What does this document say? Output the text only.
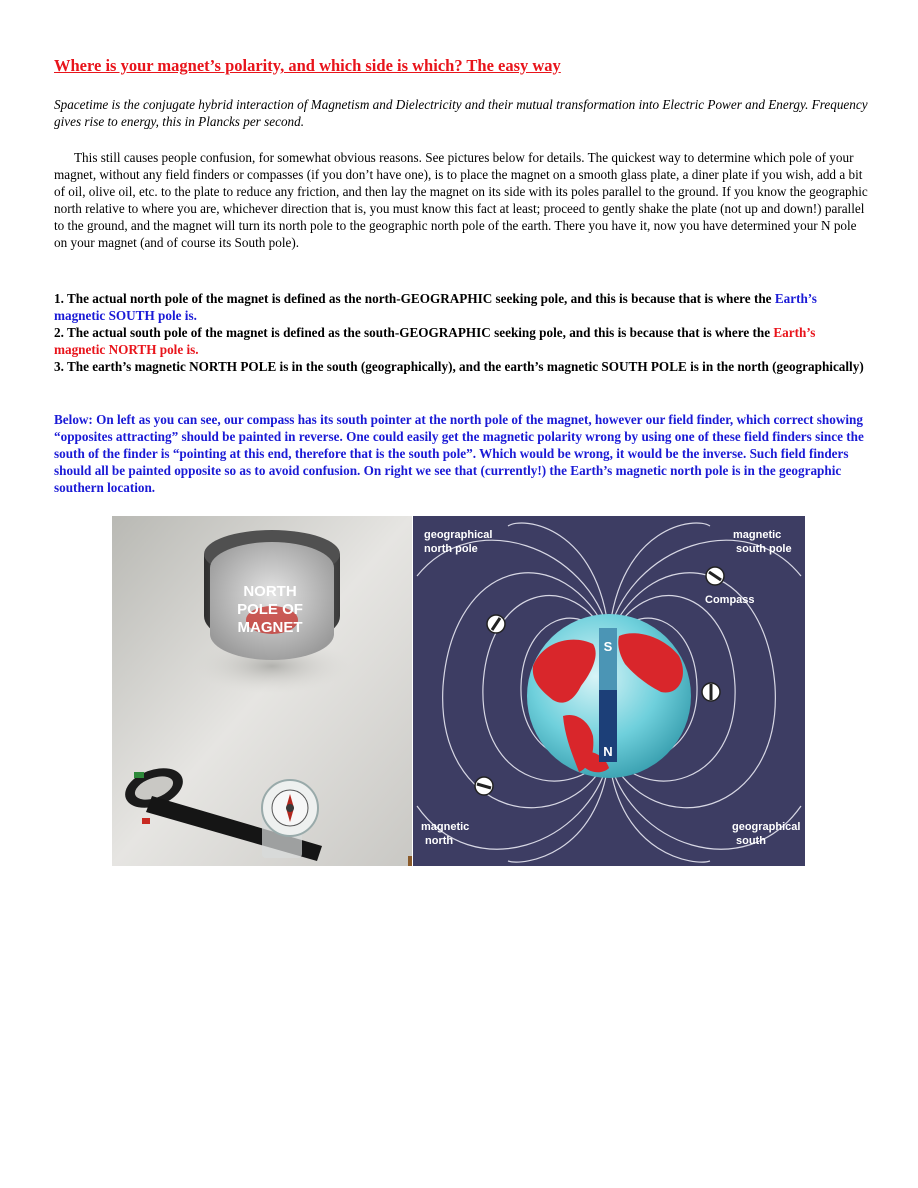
Where is your magnet’s polarity, and which side is which? The easy way

Spacetime is the conjugate hybrid interaction of Magnetism and Dielectricity and their mutual transformation into Electric Power and Energy. Frequency gives rise to energy, this in Plancks per second.

This still causes people confusion, for somewhat obvious reasons. See pictures below for details. The quickest way to determine which pole of your magnet, without any field finders or compasses (if you don’t have one), is to place the magnet on a smooth glass plate, a diner plate if you wish, add a bit of oil, olive oil, etc. to the plate to reduce any friction, and then lay the magnet on its side with its poles parallel to the ground. If you know the geographic north relative to where you are, whichever direction that is, you must know this fact at least; proceed to gently shake the plate (not up and down!) parallel to the ground, and the magnet will turn its north pole to the geographic north pole of the earth. There you have it, now you have determined your N pole on your magnet (and of course its South pole).

1. The actual north pole of the magnet is defined as the north-GEOGRAPHIC seeking pole, and this is because that is where the Earth’s magnetic SOUTH pole is.
2. The actual south pole of the magnet is defined as the south-GEOGRAPHIC seeking pole, and this is because that is where the Earth’s magnetic NORTH pole is.
3. The earth’s magnetic NORTH POLE is in the south (geographically), and the earth’s magnetic SOUTH POLE is in the north (geographically)

Below: On left as you can see, our compass has its south pointer at the north pole of the magnet, however our field finder, which correct showing “opposites attracting” should be painted in reverse. One could easily get the magnetic polarity wrong by using one of these field finders since the south of the finder is “pointing at this end, therefore that is the south pole”. Which would be wrong, it would be the inverse. Such field finders should all be painted opposite so as to avoid confusion. On right we see that (currently!) the Earth’s magnetic north pole is in the geographic southern location.

NORTH
POLE OF
MAGNET
S
N
geographical
north pole
magnetic
south pole
Compass
magnetic
north
geographical
south
